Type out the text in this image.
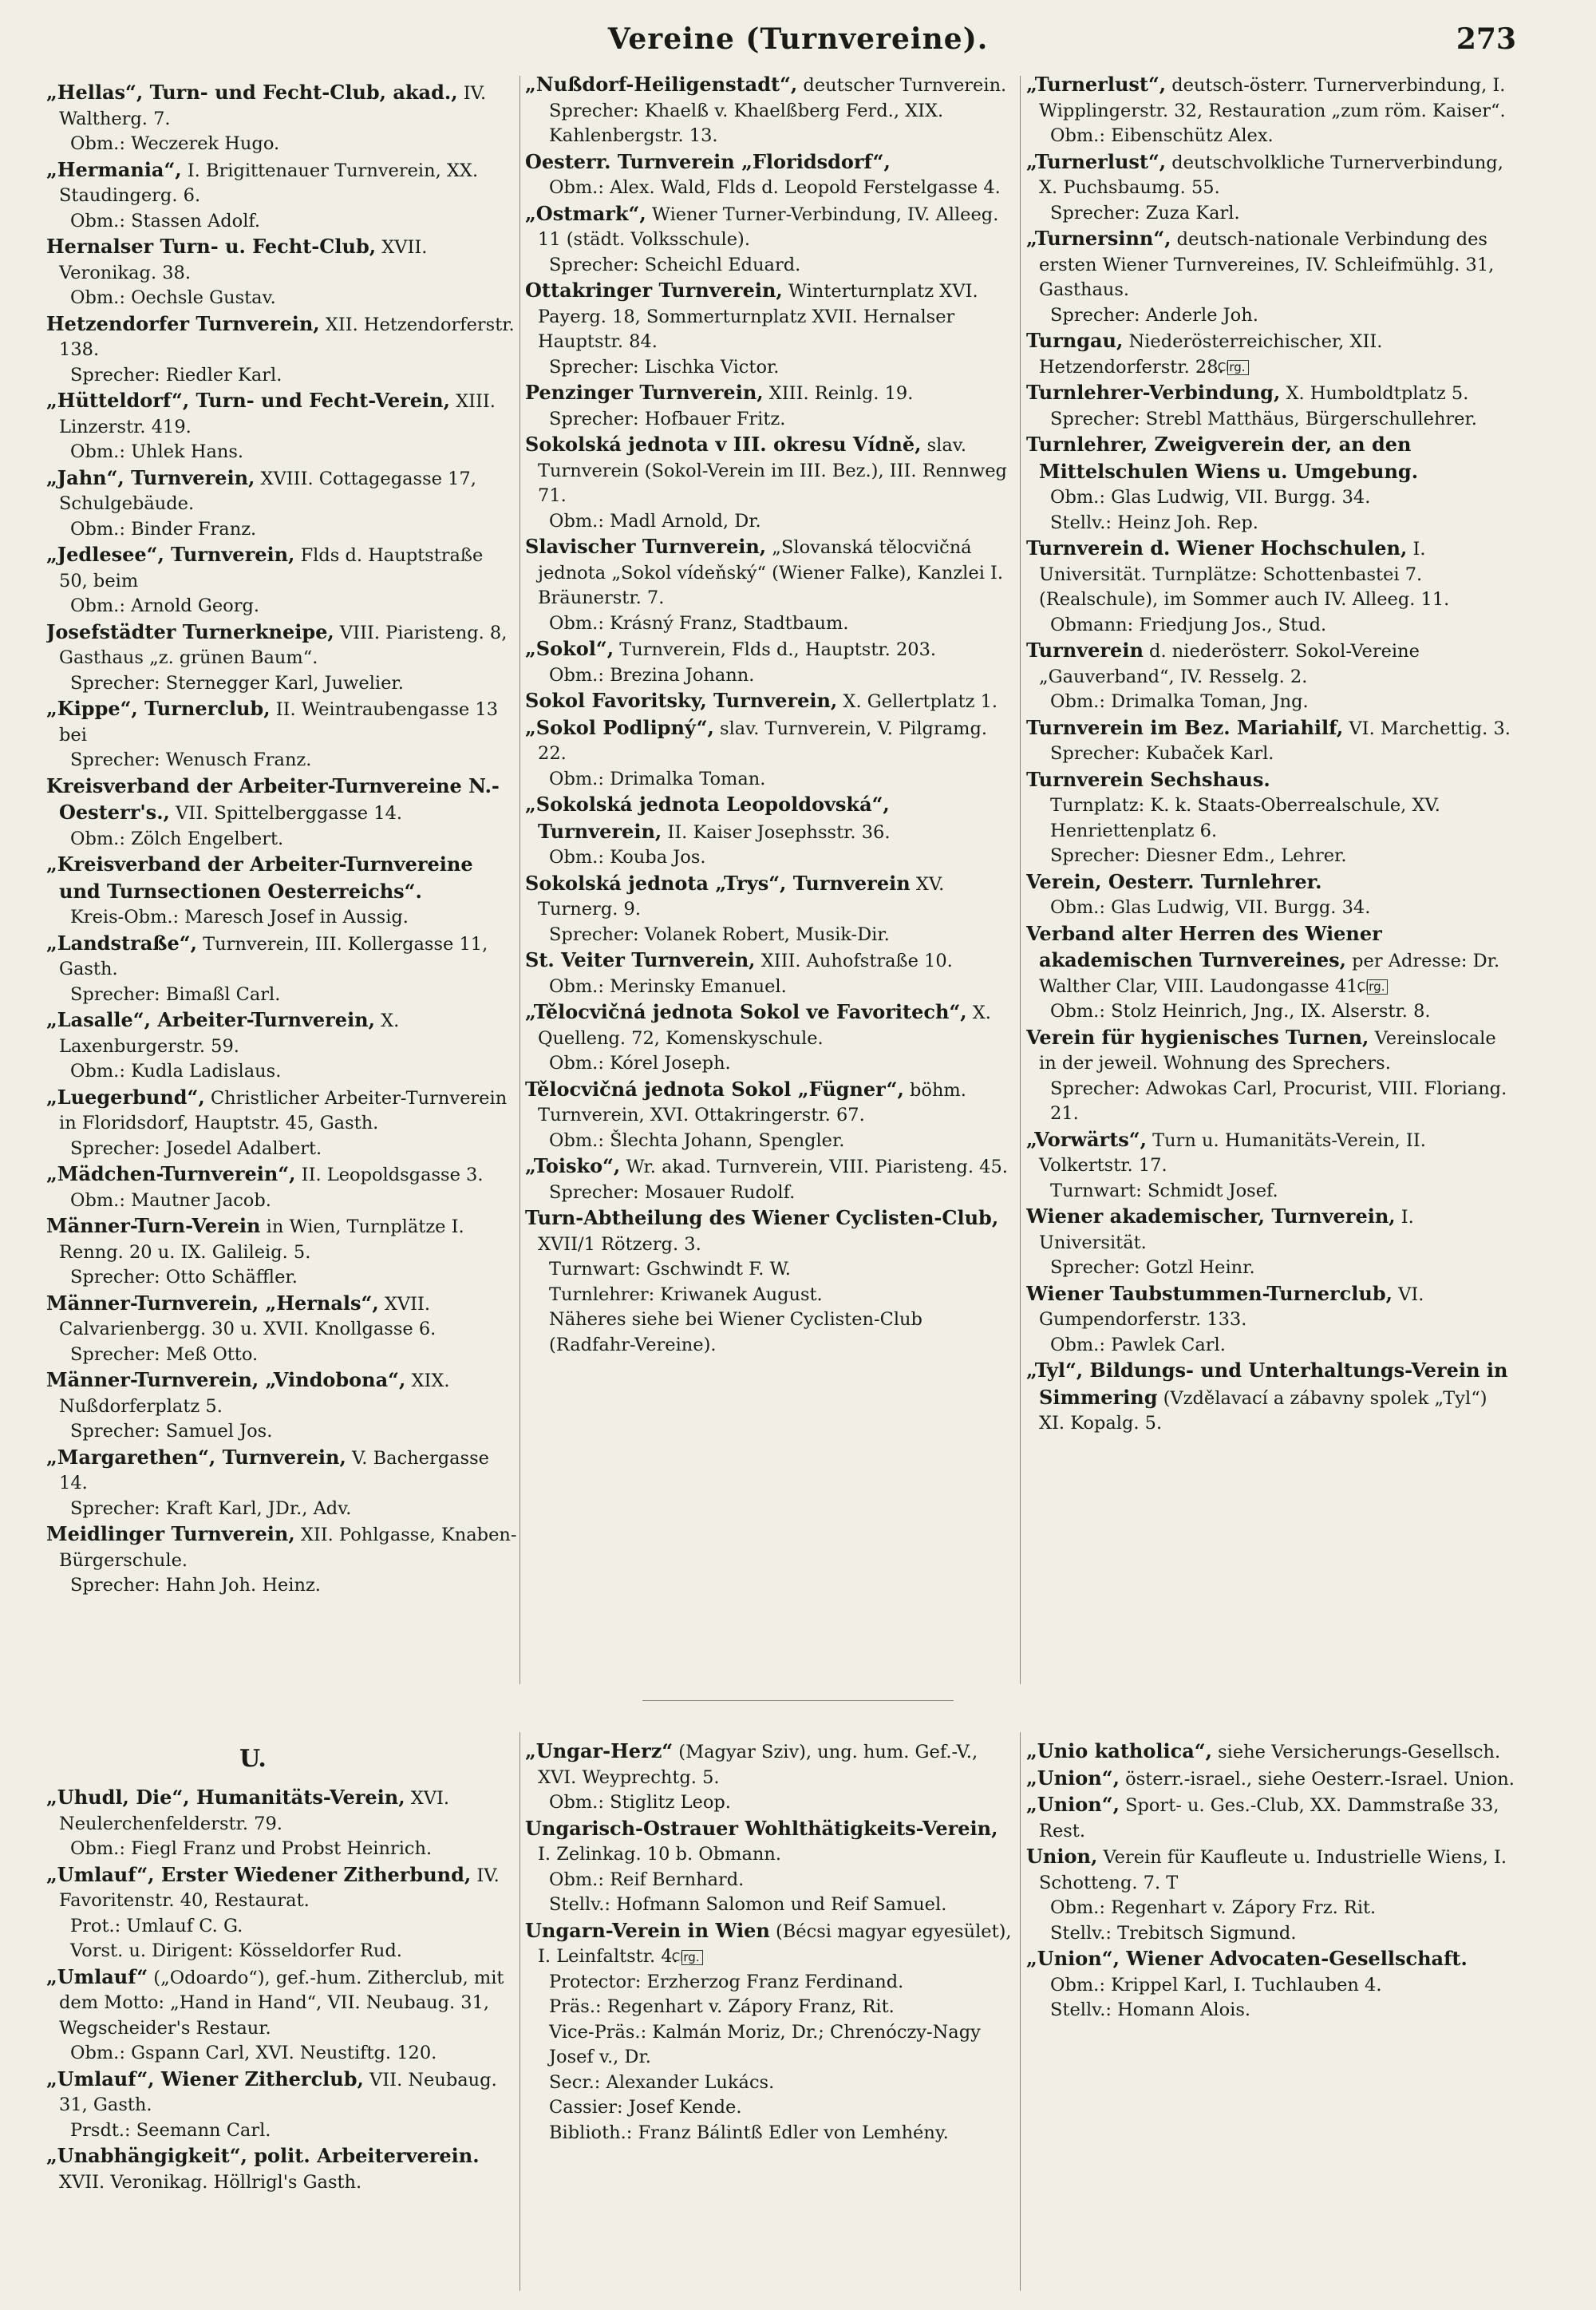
Vereine (Turnvereine).	273
„Hellas“, Turn- und Fecht-Club, akad., IV. Waltherg. 7.
Obm.: Weczerek Hugo.
„Hermania“, I. Brigittenauer Turnverein, XX. Staudingerg. 6.
Obm.: Stassen Adolf.
Hernalser Turn- u. Fecht-Club, XVII. Veronikag. 38.
Obm.: Oechsle Gustav.
Hetzendorfer Turnverein, XII. Hetzendorferstr. 138.
Sprecher: Riedler Karl.
„Hütteldorf“, Turn- und Fecht-Verein, XIII. Linzerstr. 419.
Obm.: Uhlek Hans.
„Jahn“, Turnverein, XVIII. Cottagegasse 17, Schulgebäude.
Obm.: Binder Franz.
„Jedlesee“, Turnverein, Flds d. Hauptstraße 50, beim
Obm.: Arnold Georg.
Josefstädter Turnerkneipe, VIII. Piaristeng. 8, Gasthaus „z. grünen Baum“.
Sprecher: Sternegger Karl, Juwelier.
„Kippe“, Turnerclub, II. Weintraubengasse 13 bei
Sprecher: Wenusch Franz.
Kreisverband der Arbeiter-Turnvereine N.-Oesterr's., VII. Spittelberggasse 14.
Obm.: Zölch Engelbert.
„Kreisverband der Arbeiter-Turnvereine und Turnsectionen Oesterreichs“.
Kreis-Obm.: Maresch Josef in Aussig.
„Landstraße“, Turnverein, III. Kollergasse 11, Gasth.
Sprecher: Bimaßl Carl.
„Lasalle“, Arbeiter-Turnverein, X. Laxenburgerstr. 59.
Obm.: Kudla Ladislaus.
„Luegerbund“, Christlicher Arbeiter-Turnverein in Floridsdorf, Hauptstr. 45, Gasth.
Sprecher: Josedel Adalbert.
„Mädchen-Turnverein“, II. Leopoldsgasse 3.
Obm.: Mautner Jacob.
Männer-Turn-Verein in Wien, Turnplätze I. Renng. 20 u. IX. Galileig. 5.
Sprecher: Otto Schäffler.
Männer-Turnverein, „Hernals“, XVII. Calvarienbergg. 30 u. XVII. Knollgasse 6.
Sprecher: Meß Otto.
Männer-Turnverein, „Vindobona“, XIX. Nußdorferplatz 5.
Sprecher: Samuel Jos.
„Margarethen“, Turnverein, V. Bachergasse 14.
Sprecher: Kraft Karl, JDr., Adv.
Meidlinger Turnverein, XII. Pohlgasse, Knaben-Bürgerschule.
Sprecher: Hahn Joh. Heinz.
„Nußdorf-Heiligenstadt“, deutscher Turnverein.
Sprecher: Khaelß v. Khaelßberg Ferd., XIX. Kahlenbergstr. 13.
Oesterr. Turnverein „Floridsdorf“,
Obm.: Alex. Wald, Flds d. Leopold Ferstelgasse 4.
„Ostmark“, Wiener Turner-Verbindung, IV. Alleeg. 11 (städt. Volksschule).
Sprecher: Scheichl Eduard.
Ottakringer Turnverein, Winterturnplatz XVI. Payerg. 18, Sommerturnplatz XVII. Hernalser Hauptstr. 84.
Sprecher: Lischka Victor.
Penzinger Turnverein, XIII. Reinlg. 19.
Sprecher: Hofbauer Fritz.
Sokolská jednota v III. okresu Vídně, slav. Turnverein (Sokol-Verein im III. Bez.), III. Rennweg 71.
Obm.: Madl Arnold, Dr.
Slavischer Turnverein, „Slovanská tělocvičná jednota „Sokol vídeňský“ (Wiener Falke), Kanzlei I. Bräunerstr. 7.
Obm.: Krásný Franz, Stadtbaum.
„Sokol“, Turnverein, Flds d., Hauptstr. 203.
Obm.: Brezina Johann.
Sokol Favoritsky, Turnverein, X. Gellertplatz 1.
„Sokol Podlipný“, slav. Turnverein, V. Pilgramg. 22.
Obm.: Drimalka Toman.
„Sokolská jednota Leopoldovská“, Turnverein, II. Kaiser Josephsstr. 36.
Obm.: Kouba Jos.
Sokolská jednota „Trys“, Turnverein XV. Turnerg. 9.
Sprecher: Volanek Robert, Musik-Dir.
St. Veiter Turnverein, XIII. Auhofstraße 10.
Obm.: Merinsky Emanuel.
„Tělocvičná jednota Sokol ve Favoritech“, X. Quelleng. 72, Komenskyschule.
Obm.: Kórel Joseph.
Tělocvičná jednota Sokol „Fügner“, böhm. Turnverein, XVI. Ottakringerstr. 67.
Obm.: Šlechta Johann, Spengler.
„Toisko“, Wr. akad. Turnverein, VIII. Piaristeng. 45.
Sprecher: Mosauer Rudolf.
Turn-Abtheilung des Wiener Cyclisten-Club, XVII/1 Rötzerg. 3.
Turnwart: Gschwindt F. W.
Turnlehrer: Kriwanek August.
Näheres siehe bei Wiener Cyclisten-Club (Radfahr-Vereine).
„Turnerlust“, deutsch-österr. Turnerverbindung, I. Wipplingerstr. 32, Restauration „zum röm. Kaiser“.
Obm.: Eibenschütz Alex.
„Turnerlust“, deutschvolkliche Turnerverbindung, X. Puchsbaumg. 55.
Sprecher: Zuza Karl.
„Turnersinn“, deutsch-nationale Verbindung des ersten Wiener Turnvereines, IV. Schleifmühlg. 31, Gasthaus.
Sprecher: Anderle Joh.
Turngau, Niederösterreichischer, XII. Hetzendorferstr. 28.Clrg.
Turnlehrer-Verbindung, X. Humboldtplatz 5.
Sprecher: Strebl Matthäus, Bürgerschullehrer.
Turnlehrer, Zweigverein der, an den Mittelschulen Wiens u. Umgebung.
Obm.: Glas Ludwig, VII. Burgg. 34.
Stellv.: Heinz Joh. Rep.
Turnverein d. Wiener Hochschulen, I. Universität. Turnplätze: Schottenbastei 7. (Realschule), im Sommer auch IV. Alleeg. 11.
Obmann: Friedjung Jos., Stud.
Turnverein d. niederösterr. Sokol-Vereine „Gauverband“, IV. Resselg. 2.
Obm.: Drimalka Toman, Jng.
Turnverein im Bez. Mariahilf, VI. Marchettig. 3.
Sprecher: Kubaček Karl.
Turnverein Sechshaus.
Turnplatz: K. k. Staats-Oberrealschule, XV. Henriettenplatz 6.
Sprecher: Diesner Edm., Lehrer.
Verein, Oesterr. Turnlehrer.
Obm.: Glas Ludwig, VII. Burgg. 34.
Verband alter Herren des Wiener akademischen Turnvereines, per Adresse: Dr. Walther Clar, VIII. Laudongasse 41.Clrg.
Obm.: Stolz Heinrich, Jng., IX. Alserstr. 8.
Verein für hygienisches Turnen, Vereinslocale in der jeweil. Wohnung des Sprechers.
Sprecher: Adwokas Carl, Procurist, VIII. Floriang. 21.
„Vorwärts“, Turn u. Humanitäts-Verein, II. Volkertstr. 17.
Turnwart: Schmidt Josef.
Wiener akademischer, Turnverein, I. Universität.
Sprecher: Gotzl Heinr.
Wiener Taubstummen-Turnerclub, VI. Gumpendorferstr. 133.
Obm.: Pawlek Carl.
„Tyl“, Bildungs- und Unterhaltungs-Verein in Simmering (Vzdělavací a zábavny spolek „Tyl“) XI. Kopalg. 5.
U.
„Uhudl, Die“, Humanitäts-Verein, XVI. Neulerchenfelderstr. 79.
Obm.: Fiegl Franz und Probst Heinrich.
„Umlauf“, Erster Wiedener Zitherbund, IV. Favoritenstr. 40, Restaurat.
Prot.: Umlauf C. G.
Vorst. u. Dirigent: Kösseldorfer Rud.
„Umlauf“ („Odoardo“), gef.-hum. Zitherclub, mit dem Motto: „Hand in Hand“, VII. Neubaug. 31, Wegscheider's Restaur.
Obm.: Gspann Carl, XVI. Neustiftg. 120.
„Umlauf“, Wiener Zitherclub, VII. Neubaug. 31, Gasth.
Prsdt.: Seemann Carl.
„Unabhängigkeit“, polit. Arbeiterverein. XVII. Veronikag. Höllrigl's Gasth.
„Ungar-Herz“ (Magyar Sziv), ung. hum. Gef.-V., XVI. Weyprechtg. 5.
Obm.: Stiglitz Leop.
Ungarisch-Ostrauer Wohlthätigkeits-Verein, I. Zelinkag. 10 b. Obmann.
Obm.: Reif Bernhard.
Stellv.: Hofmann Salomon und Reif Samuel.
Ungarn-Verein in Wien (Bécsi magyar egyesület), I. Leinfaltstr. 4.Clrg.
Protector: Erzherzog Franz Ferdinand.
Präs.: Regenhart v. Zápory Franz, Rit.
Vice-Präs.: Kalmán Moriz, Dr.; Chrenóczy-Nagy Josef v., Dr.
Secr.: Alexander Lukács.
Cassier: Josef Kende.
Biblioth.: Franz Bálintß Edler von Lemhény.
„Unio katholica“, siehe Versicherungs-Gesellsch.
„Union“, österr.-israel., siehe Oesterr.-Israel. Union.
„Union“, Sport- u. Ges.-Club, XX. Dammstraße 33, Rest.
Union, Verein für Kaufleute u. Industrielle Wiens, I. Schotteng. 7. T
Obm.: Regenhart v. Zápory Frz. Rit.
Stellv.: Trebitsch Sigmund.
„Union“, Wiener Advocaten-Gesellschaft.
Obm.: Krippel Karl, I. Tuchlauben 4.
Stellv.: Homann Alois.
